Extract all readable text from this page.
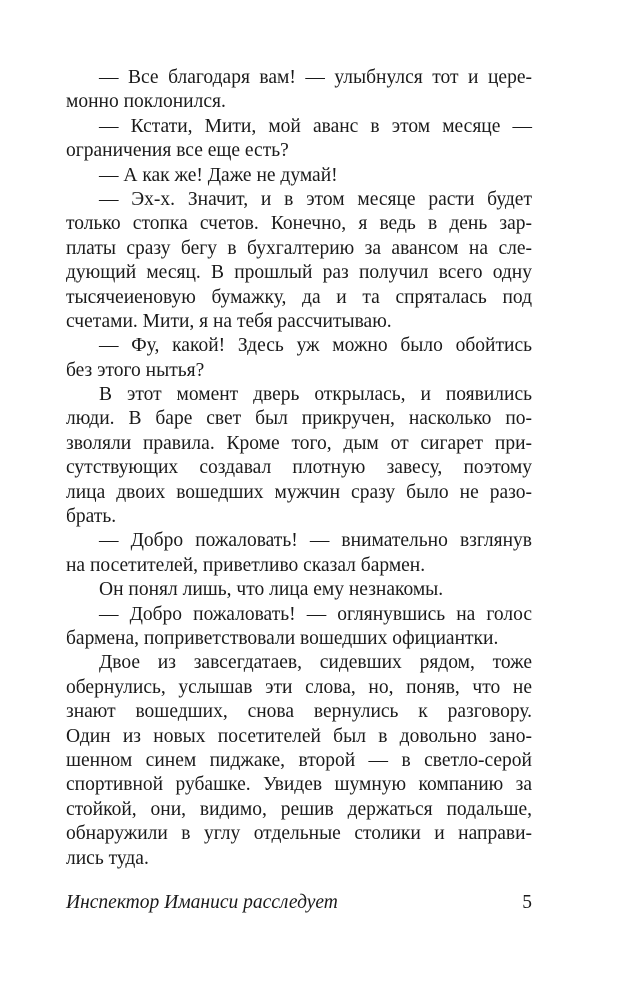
— Все благодаря вам! — улыбнулся тот и цере-
монно поклонился.
— Кстати, Мити, мой аванс в этом месяце —
ограничения все еще есть?
— А как же! Даже не думай!
— Эх-х. Значит, и в этом месяце расти будет
только стопка счетов. Конечно, я ведь в день зар-
платы сразу бегу в бухгалтерию за авансом на сле-
дующий месяц. В прошлый раз получил всего одну
тысячеиеновую бумажку, да и та спряталась под
счетами. Мити, я на тебя рассчитываю.
— Фу, какой! Здесь уж можно было обойтись
без этого нытья?
В этот момент дверь открылась, и появились
люди. В баре свет был прикручен, насколько по-
зволяли правила. Кроме того, дым от сигарет при-
сутствующих создавал плотную завесу, поэтому
лица двоих вошедших мужчин сразу было не разо-
брать.
— Добро пожаловать! — внимательно взглянув
на посетителей, приветливо сказал бармен.
Он понял лишь, что лица ему незнакомы.
— Добро пожаловать! — оглянувшись на голос
бармена, поприветствовали вошедших официантки.
Двое из завсегдатаев, сидевших рядом, тоже
обернулись, услышав эти слова, но, поняв, что не
знают вошедших, снова вернулись к разговору.
Один из новых посетителей был в довольно зано-
шенном синем пиджаке, второй — в светло-серой
спортивной рубашке. Увидев шумную компанию за
стойкой, они, видимо, решив держаться подальше,
обнаружили в углу отдельные столики и направи-
лись туда.
Инспектор Иманиси расследует	5
